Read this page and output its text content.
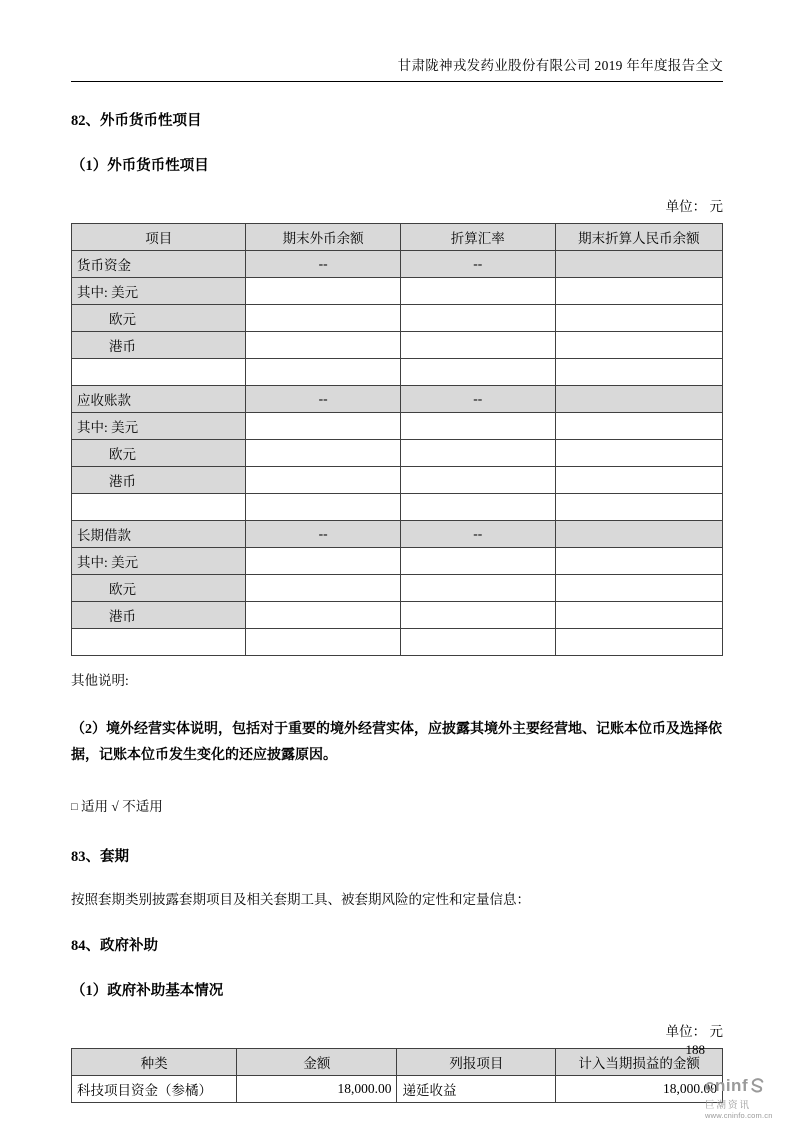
甘肃陇神戎发药业股份有限公司 2019 年年度报告全文
82、外币货币性项目
（1）外币货币性项目
单位： 元
项目	期末外币余额	折算汇率	期末折算人民币余额
货币资金	--	--	
其中: 美元			
欧元			
港币			

应收账款	--	--	
其中: 美元			
欧元			
港币			

长期借款	--	--	
其中: 美元			
欧元			
港币			

其他说明:
（2）境外经营实体说明，包括对于重要的境外经营实体，应披露其境外主要经营地、记账本位币及选择依据，记账本位币发生变化的还应披露原因。
□ 适用 √ 不适用
83、套期
按照套期类别披露套期项目及相关套期工具、被套期风险的定性和定量信息：
84、政府补助
（1）政府补助基本情况
单位： 元
种类	金额	列报项目	计入当期损益的金额
科技项目资金（参橘）	18,000.00	递延收益	18,000.00
188
cninf
巨潮资讯
www.cninfo.com.cn
